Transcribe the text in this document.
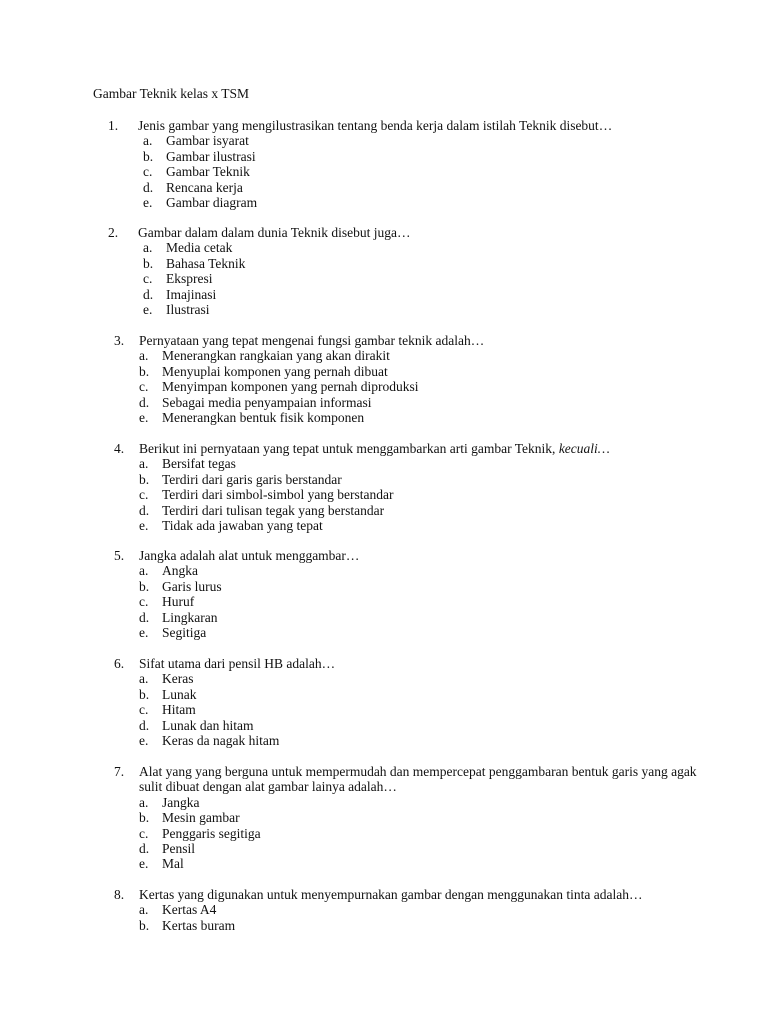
Gambar Teknik kelas x TSM
1.	Jenis gambar yang mengilustrasikan tentang benda kerja dalam istilah Teknik disebut…
a.	Gambar isyarat
b. Gambar ilustrasi
c.	Gambar Teknik
d. Rencana kerja
e.	Gambar diagram
2.	Gambar dalam dalam dunia Teknik disebut juga…
a.	Media cetak
b. Bahasa Teknik
c.	Ekspresi
d. Imajinasi
e.	Ilustrasi
3.	Pernyataan yang tepat mengenai fungsi gambar teknik adalah…
a.	Menerangkan rangkaian yang akan dirakit
b. Menyuplai komponen yang pernah dibuat
c.	Menyimpan komponen yang pernah diproduksi
d. Sebagai media penyampaian informasi
e.	Menerangkan bentuk fisik komponen
4.	Berikut ini pernyataan yang tepat untuk menggambarkan arti gambar Teknik, kecuali…
a.	Bersifat tegas
b. Terdiri dari garis garis berstandar
c.	Terdiri dari simbol-simbol yang berstandar
d. Terdiri dari tulisan tegak yang berstandar
e.	Tidak ada jawaban yang tepat
5.	Jangka adalah alat untuk menggambar…
a.	Angka
b. Garis lurus
c.	Huruf
d. Lingkaran
e.	Segitiga
6.	Sifat utama dari pensil HB adalah…
a.	Keras
b. Lunak
c.	Hitam
d. Lunak dan hitam
e.	Keras da nagak hitam
7.	Alat yang yang berguna untuk mempermudah dan mempercepat penggambaran bentuk garis yang agak sulit dibuat dengan alat gambar lainya adalah…
a.	Jangka
b. Mesin gambar
c.	Penggaris segitiga
d. Pensil
e.	Mal
8.	Kertas yang digunakan untuk menyempurnakan gambar dengan menggunakan tinta adalah…
a.	Kertas A4
b. Kertas buram
